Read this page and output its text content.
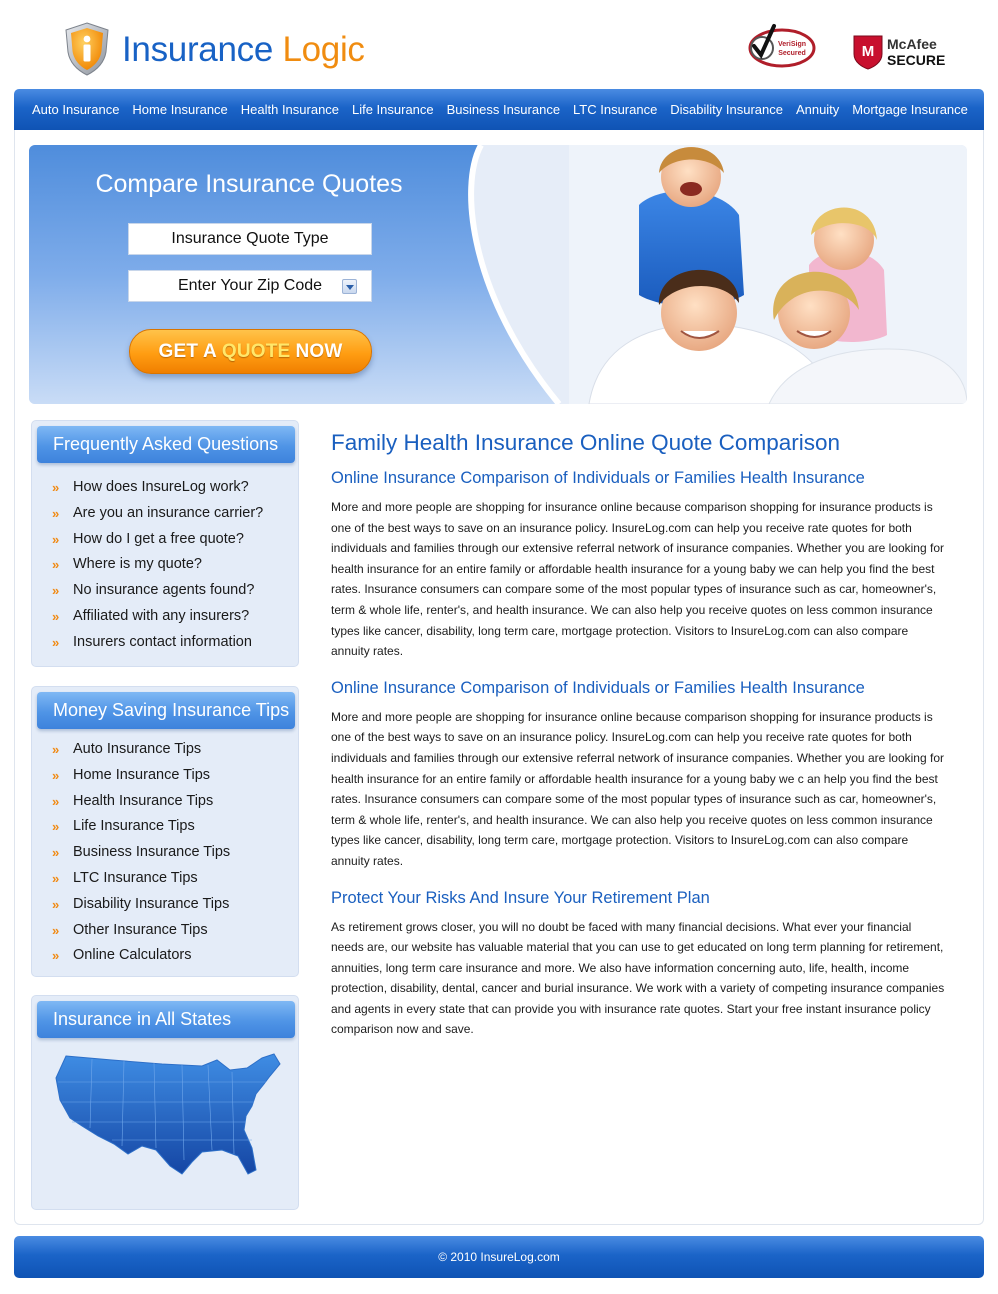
Insurance Logic	VeriSign
Secured	M McAfee
SECURE
Auto Insurance Home Insurance Health Insurance Life Insurance Business Insurance LTC Insurance Disability Insurance Annuity Mortgage Insurance
Compare Insurance Quotes
Insurance Quote Type
Enter Your Zip Code
GET A QUOTE NOW
Frequently Asked Questions
»	How does InsureLog work?
»	Are you an insurance carrier?
»	How do I get a free quote?
»	Where is my quote?
»	No insurance agents found?
»	Affiliated with any insurers?
»	Insurers contact information
Money Saving Insurance Tips
»	Auto Insurance Tips
»	Home Insurance Tips
»	Health Insurance Tips
»	Life Insurance Tips
»	Business Insurance Tips
»	LTC Insurance Tips
»	Disability Insurance Tips
»	Other Insurance Tips
»	Online Calculators
Insurance in All States
Family Health Insurance Online Quote Comparison
Online Insurance Comparison of Individuals or Families Health Insurance
More and more people are shopping for insurance online because comparison shopping for insurance products is one of the best ways to save on an insurance policy. InsureLog.com can help you receive rate quotes for both individuals and families through our extensive referral network of insurance companies. Whether you are looking for health insurance for an entire family or affordable health insurance for a young baby we can help you find the best rates. Insurance consumers can compare some of the most popular types of insurance such as car, homeowner's, term & whole life, renter's, and health insurance. We can also help you receive quotes on less common insurance types like cancer, disability, long term care, mortgage protection. Visitors to InsureLog.com can also compare annuity rates.
Online Insurance Comparison of Individuals or Families Health Insurance
More and more people are shopping for insurance online because comparison shopping for insurance products is one of the best ways to save on an insurance policy. InsureLog.com can help you receive rate quotes for both individuals and families through our extensive referral network of insurance companies. Whether you are looking for health insurance for an entire family or affordable health insurance for a young baby we c an help you find the best rates. Insurance consumers can compare some of the most popular types of insurance such as car, homeowner's, term & whole life, renter's, and health insurance. We can also help you receive quotes on less common insurance types like cancer, disability, long term care, mortgage protection. Visitors to InsureLog.com can also compare annuity rates.
Protect Your Risks And Insure Your Retirement Plan
As retirement grows closer, you will no doubt be faced with many financial decisions. What ever your financial needs are, our website has valuable material that you can use to get educated on long term planning for retirement, annuities, long term care insurance and more. We also have information concerning auto, life, health, income protection, disability, dental, cancer and burial insurance. We work with a variety of competing insurance companies and agents in every state that can provide you with insurance rate quotes. Start your free instant insurance policy comparison now and save.
© 2010 InsureLog.com
